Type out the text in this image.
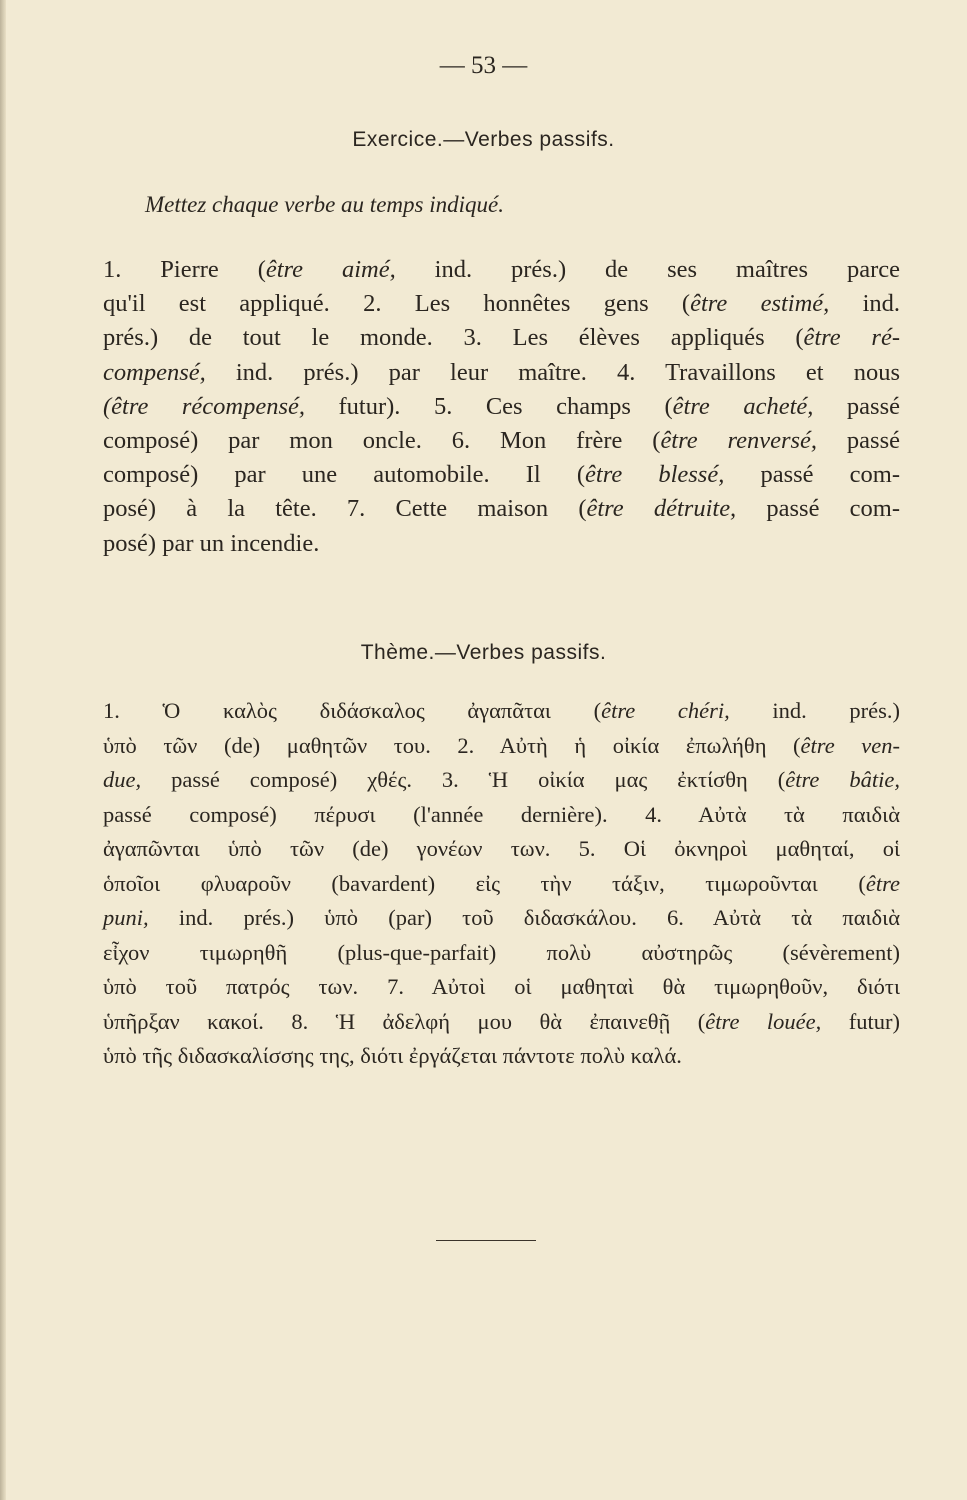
— 53 —
Exercice.—Verbes passifs.
Mettez chaque verbe au temps indiqué.
1. Pierre (être aimé, ind. prés.) de ses maîtres parce
qu'il est appliqué. 2. Les honnêtes gens (être estimé, ind.
prés.) de tout le monde. 3. Les élèves appliqués (être ré-
compensé, ind. prés.) par leur maître. 4. Travaillons et nous
(être récompensé, futur). 5. Ces champs (être acheté, passé
composé) par mon oncle. 6. Mon frère (être renversé, passé
composé) par une automobile. Il (être blessé, passé com-
posé) à la tête. 7. Cette maison (être détruite, passé com-
posé) par un incendie.
Thème.—Verbes passifs.
1. Ὁ καλὸς διδάσκαλος ἀγαπᾶται (être chéri, ind. prés.)
ὑπὸ τῶν (de) μαθητῶν του. 2. Αὐτὴ ἡ οἰκία ἐπωλήθη (être ven-
due, passé composé) χθές. 3. Ἡ οἰκία μας ἐκτίσθη (être bâtie,
passé composé) πέρυσι (l'année dernière). 4. Αὐτὰ τὰ παιδιὰ
ἀγαπῶνται ὑπὸ τῶν (de) γονέων των. 5. Οἱ ὀκνηροὶ μαθηταί, οἱ
ὁποῖοι φλυαροῦν (bavardent) εἰς τὴν τάξιν, τιμωροῦνται (être
puni, ind. prés.) ὑπὸ (par) τοῦ διδασκάλου. 6. Αὐτὰ τὰ παιδιὰ
εἶχον τιμωρηθῆ (plus-que-parfait) πολὺ αὐστηρῶς (sévèrement)
ὑπὸ τοῦ πατρός των. 7. Αὐτοὶ οἱ μαθηταὶ θὰ τιμωρηθοῦν, διότι
ὑπῆρξαν κακοί. 8. Ἡ ἀδελφή μου θὰ ἐπαινεθῇ (être louée, futur)
ὑπὸ τῆς διδασκαλίσσης της, διότι ἐργάζεται πάντοτε πολὺ καλά.
